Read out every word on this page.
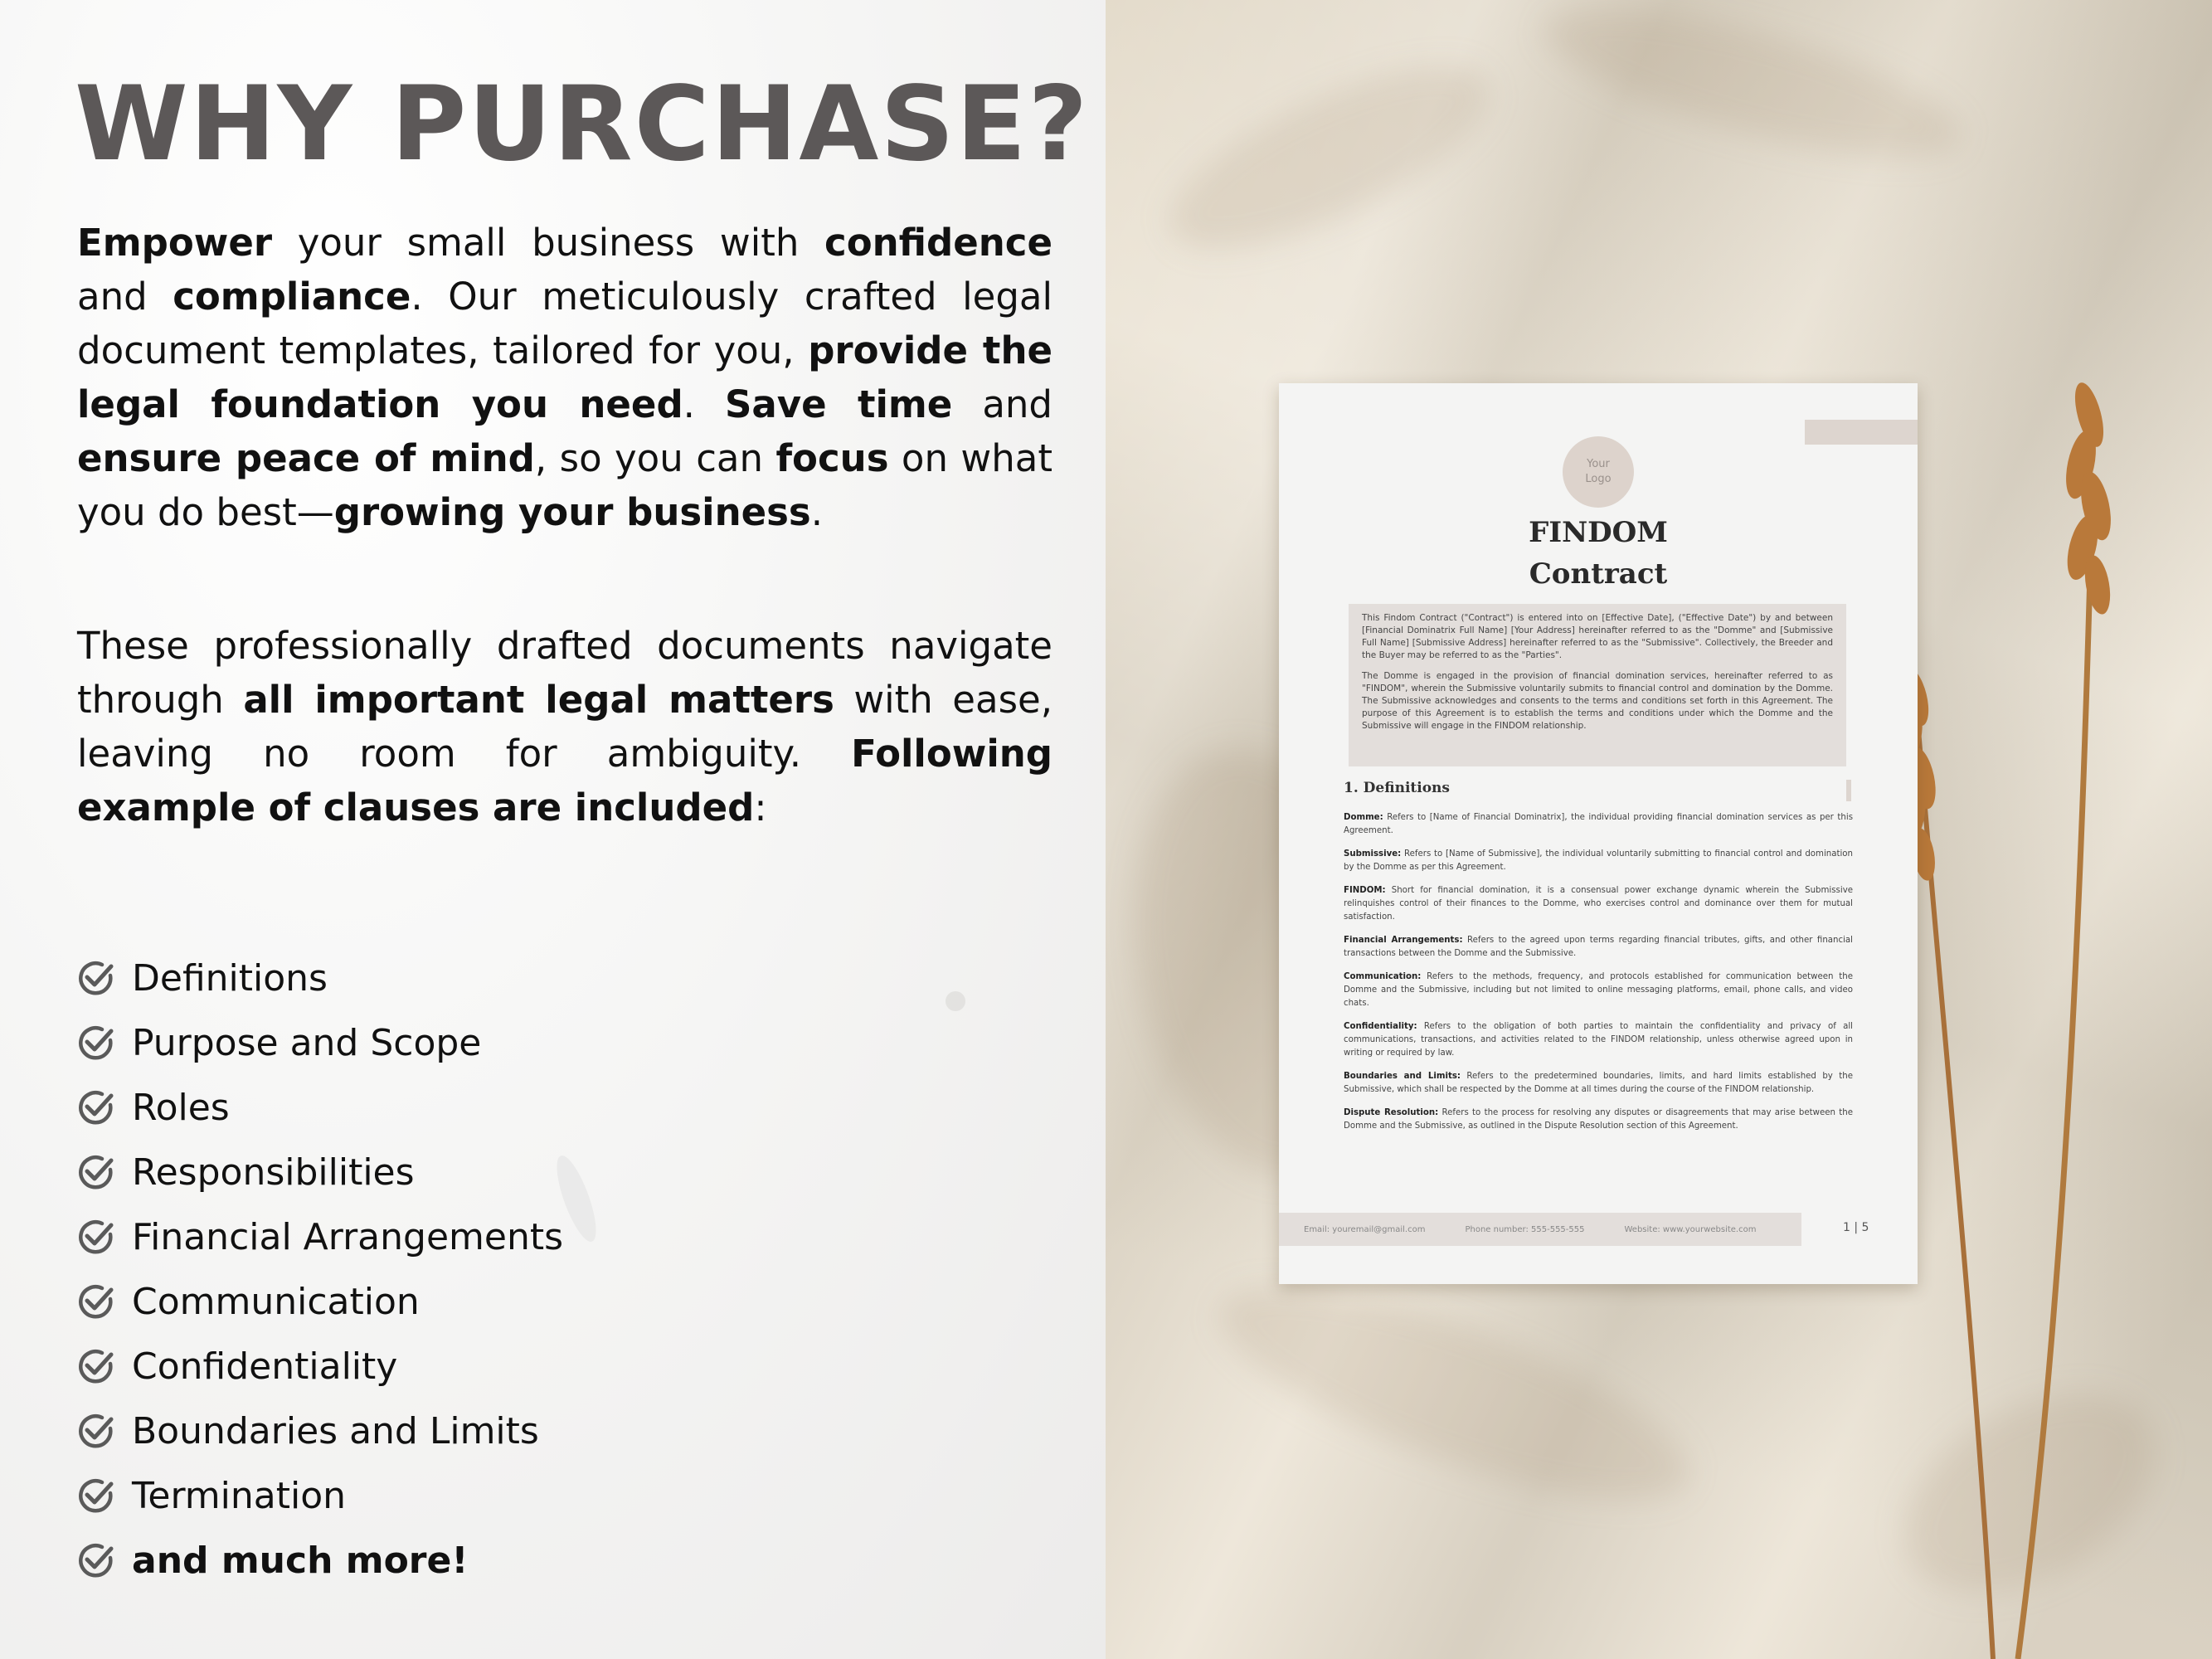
WHY PURCHASE?

Empower your small business with confidence and compliance. Our meticulously crafted legal document templates, tailored for you, provide the legal foundation you need. Save time and ensure peace of mind, so you can focus on what you do best—growing your business.

These professionally drafted documents navigate through all important legal matters with ease, leaving no room for ambiguity. Following example of clauses are included:

Definitions
Purpose and Scope
Roles
Responsibilities
Financial Arrangements
Communication
Confidentiality
Boundaries and Limits
Termination
and much more!
Your
Logo
FINDOM
Contract

This Findom Contract ("Contract") is entered into on [Effective Date], ("Effective Date") by and between [Financial Dominatrix Full Name] [Your Address] hereinafter referred to as the "Domme" and [Submissive Full Name] [Submissive Address] hereinafter referred to as the "Submissive". Collectively, the Breeder and the Buyer may be referred to as the "Parties".

The Domme is engaged in the provision of financial domination services, hereinafter referred to as "FINDOM", wherein the Submissive voluntarily submits to financial control and domination by the Domme. The Submissive acknowledges and consents to the terms and conditions set forth in this Agreement. The purpose of this Agreement is to establish the terms and conditions under which the Domme and the Submissive will engage in the FINDOM relationship.

1. Definitions

Domme: Refers to [Name of Financial Dominatrix], the individual providing financial domination services as per this Agreement.

Submissive: Refers to [Name of Submissive], the individual voluntarily submitting to financial control and domination by the Domme as per this Agreement.

FINDOM: Short for financial domination, it is a consensual power exchange dynamic wherein the Submissive relinquishes control of their finances to the Domme, who exercises control and dominance over them for mutual satisfaction.

Financial Arrangements: Refers to the agreed upon terms regarding financial tributes, gifts, and other financial transactions between the Domme and the Submissive.

Communication: Refers to the methods, frequency, and protocols established for communication between the Domme and the Submissive, including but not limited to online messaging platforms, email, phone calls, and video chats.

Confidentiality: Refers to the obligation of both parties to maintain the confidentiality and privacy of all communications, transactions, and activities related to the FINDOM relationship, unless otherwise agreed upon in writing or required by law.

Boundaries and Limits: Refers to the predetermined boundaries, limits, and hard limits established by the Submissive, which shall be respected by the Domme at all times during the course of the FINDOM relationship.

Dispute Resolution: Refers to the process for resolving any disputes or disagreements that may arise between the Domme and the Submissive, as outlined in the Dispute Resolution section of this Agreement.

Email: youremail@gmail.com	Phone number: 555-555-555	Website: www.yourwebsite.com	1 | 5
